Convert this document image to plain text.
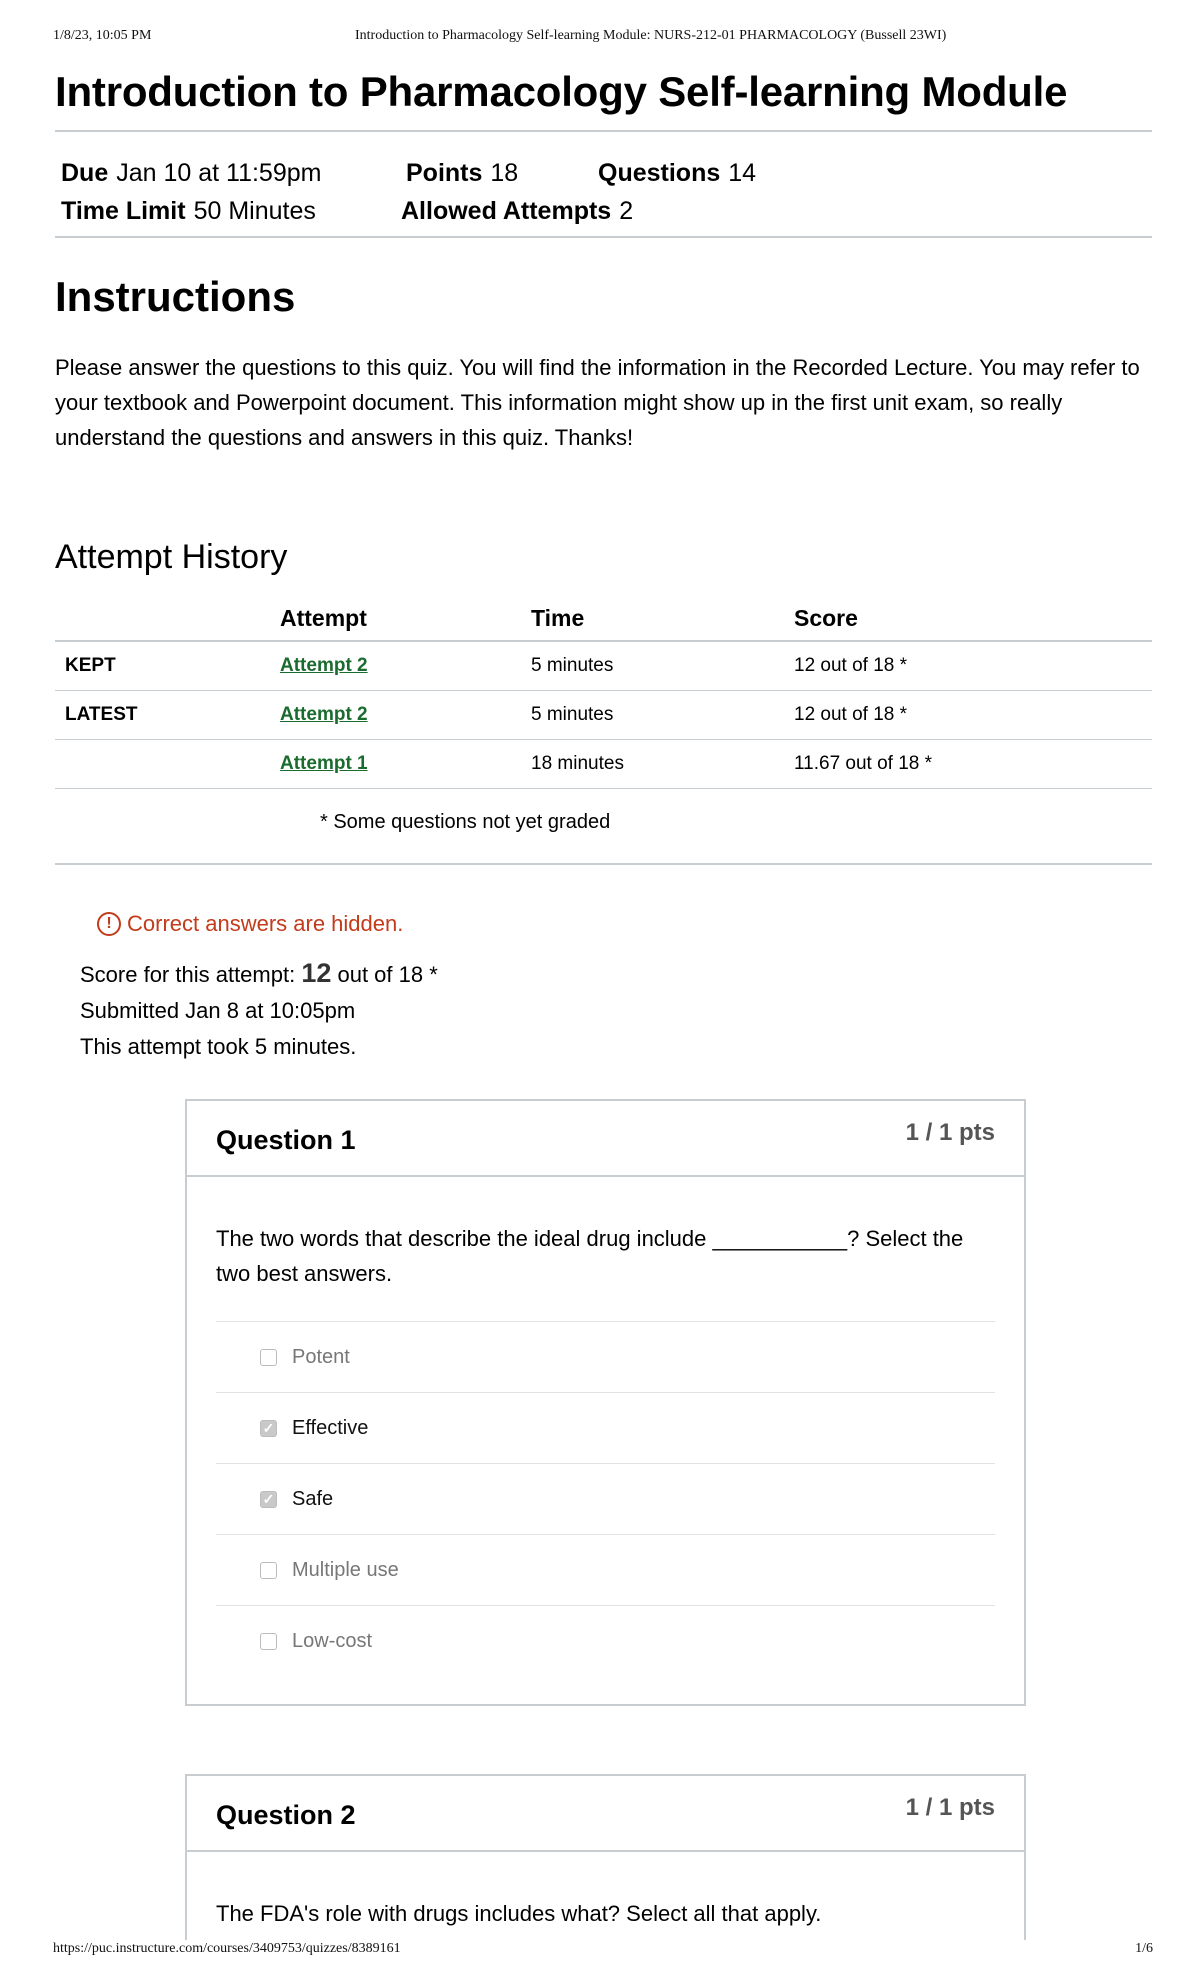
1/8/23, 10:05 PM	Introduction to Pharmacology Self-learning Module: NURS-212-01 PHARMACOLOGY (Bussell 23WI)
Introduction to Pharmacology Self-learning Module
Due Jan 10 at 11:59pm	Points 18	Questions 14
Time Limit 50 Minutes	Allowed Attempts 2
Instructions

Please answer the questions to this quiz. You will find the information in the Recorded Lecture. You may refer to your textbook and Powerpoint document. This information might show up in the first unit exam, so really understand the questions and answers in this quiz. Thanks!

Attempt History
	Attempt	Time	Score
KEPT	Attempt 2	5 minutes	12 out of 18 *
LATEST	Attempt 2	5 minutes	12 out of 18 *
	Attempt 1	18 minutes	11.67 out of 18 *
* Some questions not yet graded
! Correct answers are hidden.
Score for this attempt: 12 out of 18 *
Submitted Jan 8 at 10:05pm
This attempt took 5 minutes.
Question 1	1 / 1 pts
The two words that describe the ideal drug include ___________? Select the two best answers.
Potent
✓
Effective
✓
Safe
Multiple use
Low-cost
Question 2	1 / 1 pts
The FDA's role with drugs includes what? Select all that apply.
https://puc.instructure.com/courses/3409753/quizzes/8389161	1/6
